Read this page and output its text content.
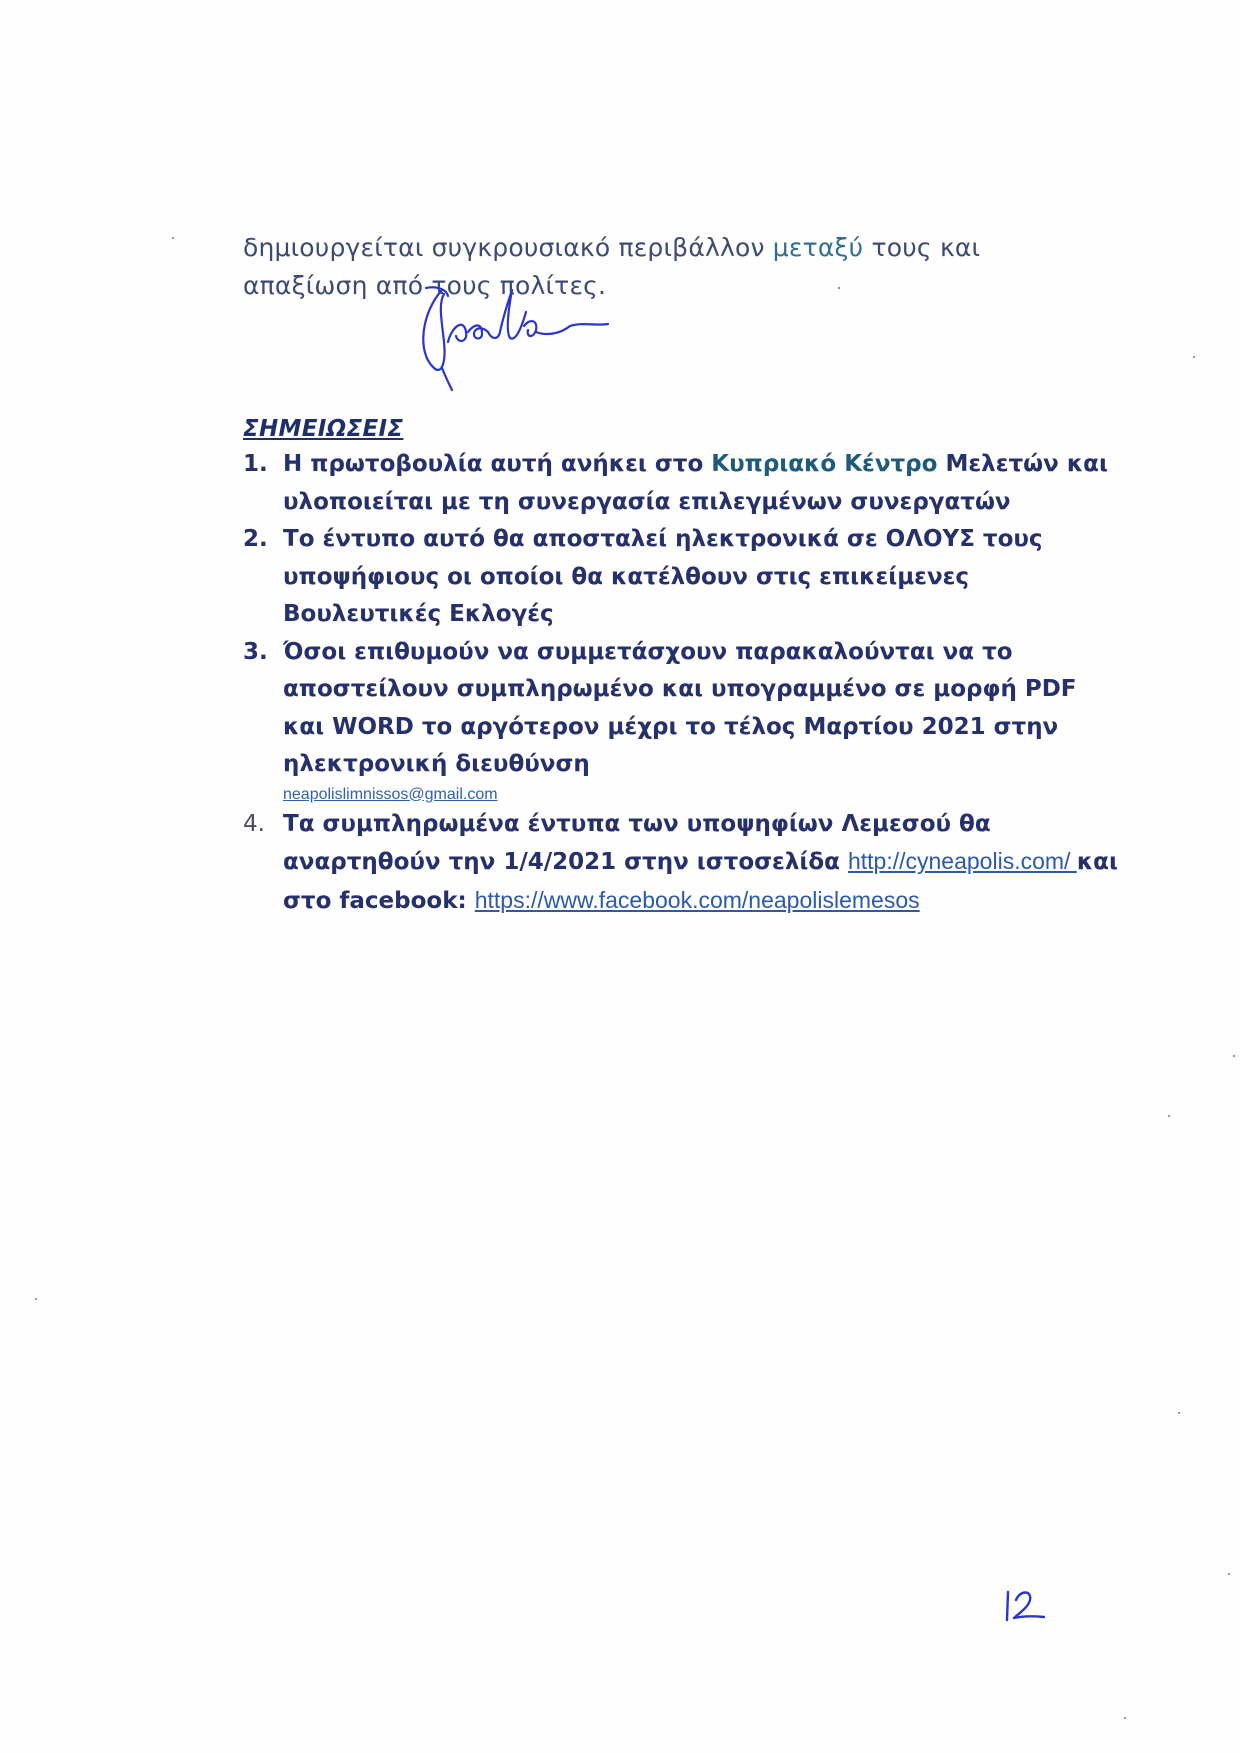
δημιουργείται συγκρουσιακό περιβάλλον μεταξύ τους και απαξίωση από τους πολίτες.

ΣΗΜΕΙΩΣΕΙΣ
1. Η πρωτοβουλία αυτή ανήκει στο Κυπριακό Κέντρο Μελετών και υλοποιείται με τη συνεργασία επιλεγμένων συνεργατών
2. Το έντυπο αυτό θα αποσταλεί ηλεκτρονικά σε ΟΛΟΥΣ τους υποψήφιους οι οποίοι θα κατέλθουν στις επικείμενες Βουλευτικές Εκλογές
3. Όσοι επιθυμούν να συμμετάσχουν παρακαλούνται να το αποστείλουν συμπληρωμένο και υπογραμμένο σε μορφή PDF και WORD το αργότερον μέχρι το τέλος Μαρτίου 2021 στην ηλεκτρονική διευθύνση
neapolislimnissos@gmail.com
4. Τα συμπληρωμένα έντυπα των υποψηφίων Λεμεσού θα αναρτηθούν την 1/4/2021 στην ιστοσελίδα http://cyneapolis.com/ και στο facebook: https://www.facebook.com/neapolislemesos
